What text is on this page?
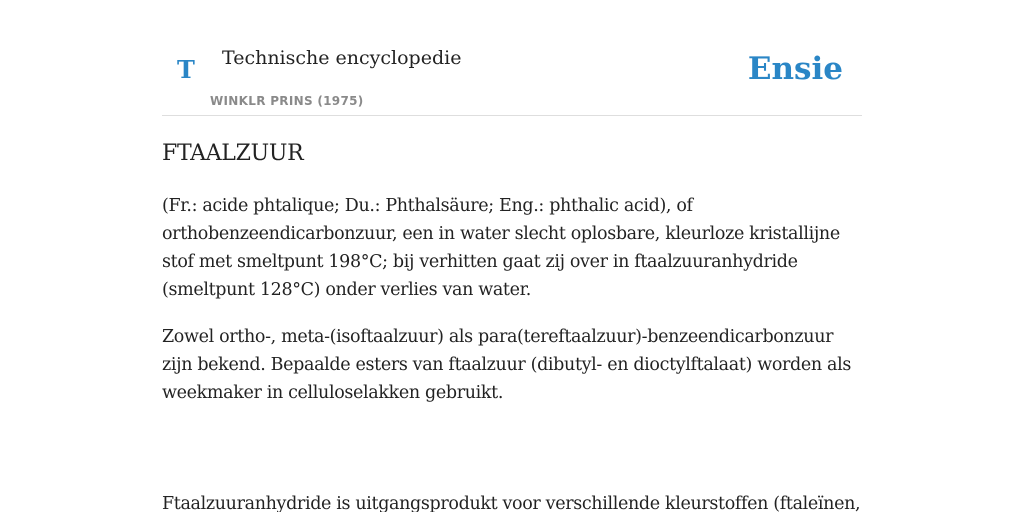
T Technische encyclopedie
WINKLR PRINS (1975)
Ensie
FTAALZUUR

(Fr.: acide phtalique; Du.: Phthalsäure; Eng.: phthalic acid), of orthobenzeendicarbonzuur, een in water slecht oplosbare, kleurloze kristallijne stof met smeltpunt 198°C; bij verhitten gaat zij over in ftaalzuuranhydride (smeltpunt 128°C) onder verlies van water.

Zowel ortho-, meta-(isoftaalzuur) als para(tereftaalzuur)-benzeendicarbonzuur zijn bekend. Bepaalde esters van ftaalzuur (dibutyl- en dioctylftalaat) worden als weekmaker in celluloselakken gebruikt.

Ftaalzuuranhydride is uitgangsprodukt voor verschillende kleurstoffen (ftaleïnen,
